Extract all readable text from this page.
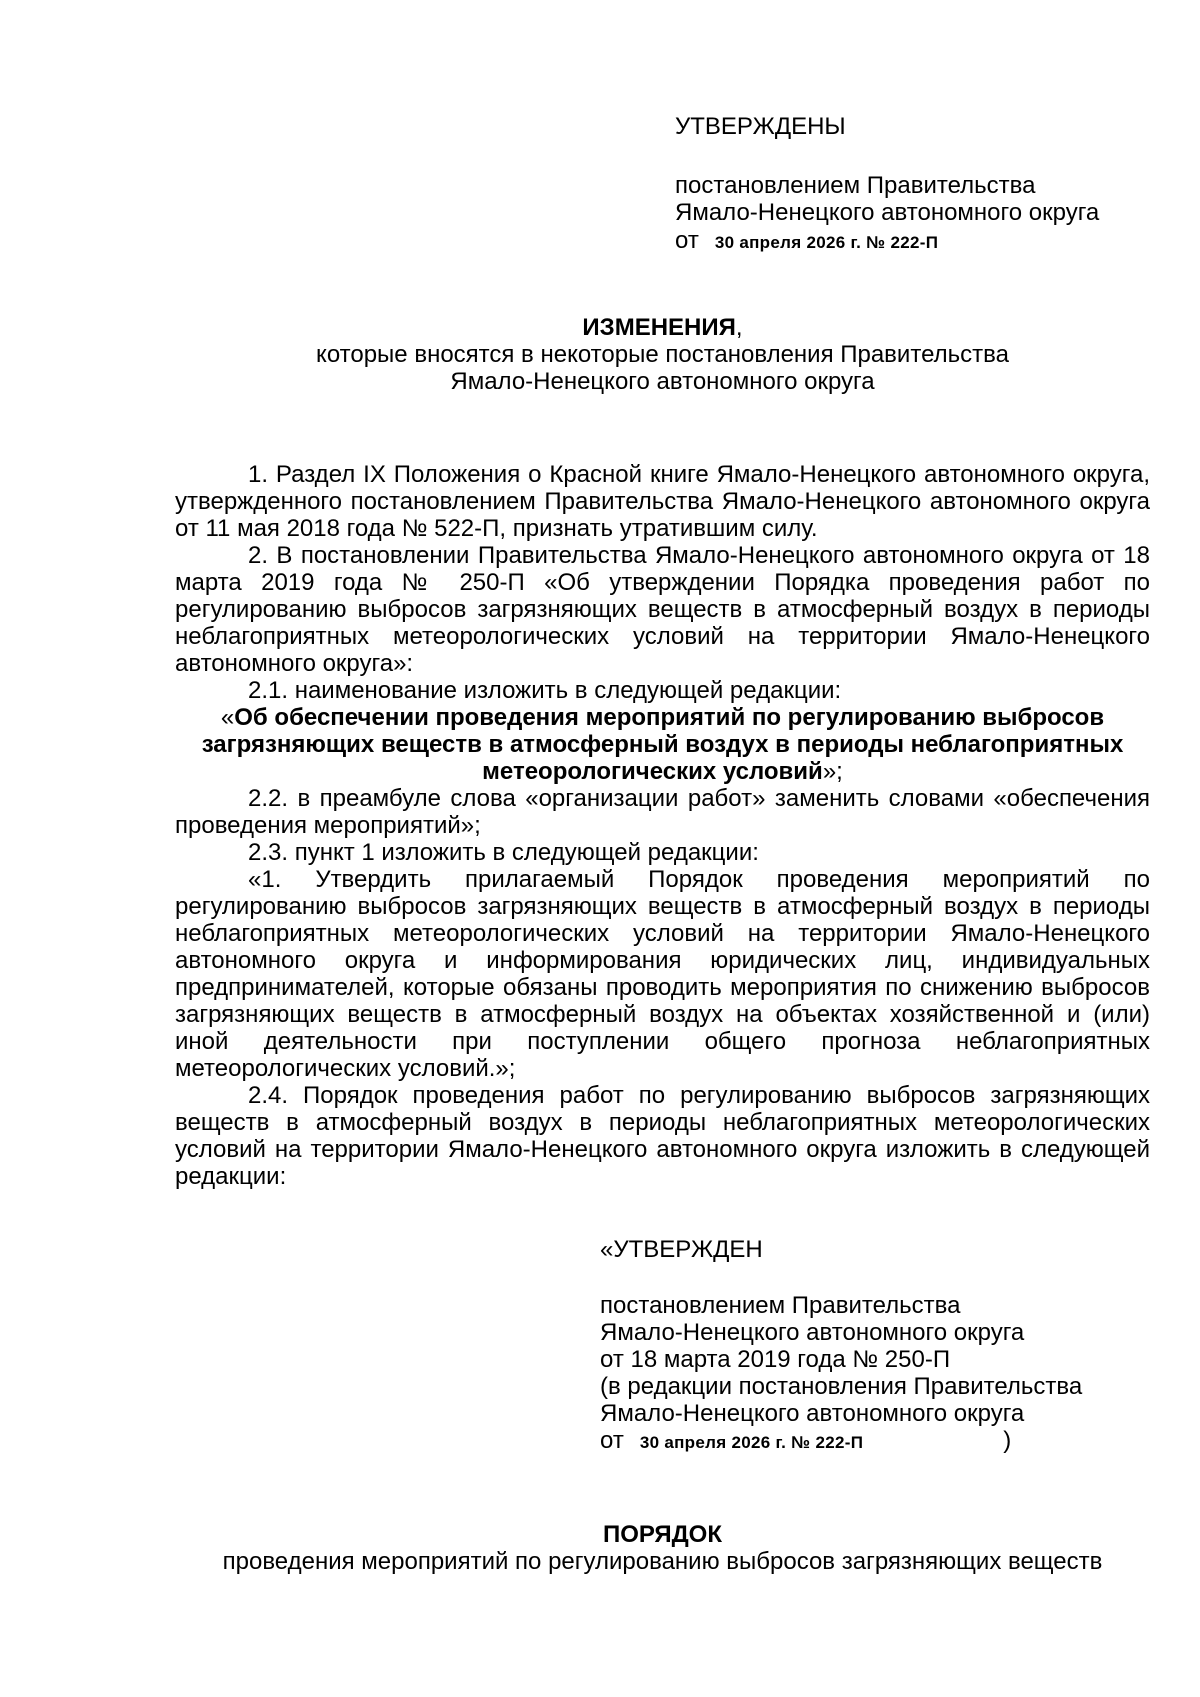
УТВЕРЖДЕНЫ
постановлением Правительства
Ямало-Ненецкого автономного округа
от 30 апреля 2026 г. № 222-П
ИЗМЕНЕНИЯ,
которые вносятся в некоторые постановления Правительства
Ямало-Ненецкого автономного округа

1. Раздел IX Положения о Красной книге Ямало-Ненецкого автономного округа, утвержденного постановлением Правительства Ямало-Ненецкого автономного округа от 11 мая 2018 года № 522-П, признать утратившим силу.

2. В постановлении Правительства Ямало-Ненецкого автономного округа от 18 марта 2019 года № 250-П «Об утверждении Порядка проведения работ по регулированию выбросов загрязняющих веществ в атмосферный воздух в периоды неблагоприятных метеорологических условий на территории Ямало-Ненецкого автономного округа»:

2.1. наименование изложить в следующей редакции:

«Об обеспечении проведения мероприятий по регулированию выбросов загрязняющих веществ в атмосферный воздух в периоды неблагоприятных метеорологических условий»;

2.2. в преамбуле слова «организации работ» заменить словами «обеспечения проведения мероприятий»;

2.3. пункт 1 изложить в следующей редакции:

«1. Утвердить прилагаемый Порядок проведения мероприятий по регулированию выбросов загрязняющих веществ в атмосферный воздух в периоды неблагоприятных метеорологических условий на территории Ямало-Ненецкого автономного округа и информирования юридических лиц, индивидуальных предпринимателей, которые обязаны проводить мероприятия по снижению выбросов загрязняющих веществ в атмосферный воздух на объектах хозяйственной и (или) иной деятельности при поступлении общего прогноза неблагоприятных метеорологических условий.»;

2.4. Порядок проведения работ по регулированию выбросов загрязняющих веществ в атмосферный воздух в периоды неблагоприятных метеорологических условий на территории Ямало-Ненецкого автономного округа изложить в следующей редакции:

«УТВЕРЖДЕН
постановлением Правительства
Ямало-Ненецкого автономного округа
от 18 марта 2019 года № 250-П
(в редакции постановления Правительства
Ямало-Ненецкого автономного округа
от 30 апреля 2026 г. № 222-П	)
ПОРЯДОК
проведения мероприятий по регулированию выбросов загрязняющих веществ
